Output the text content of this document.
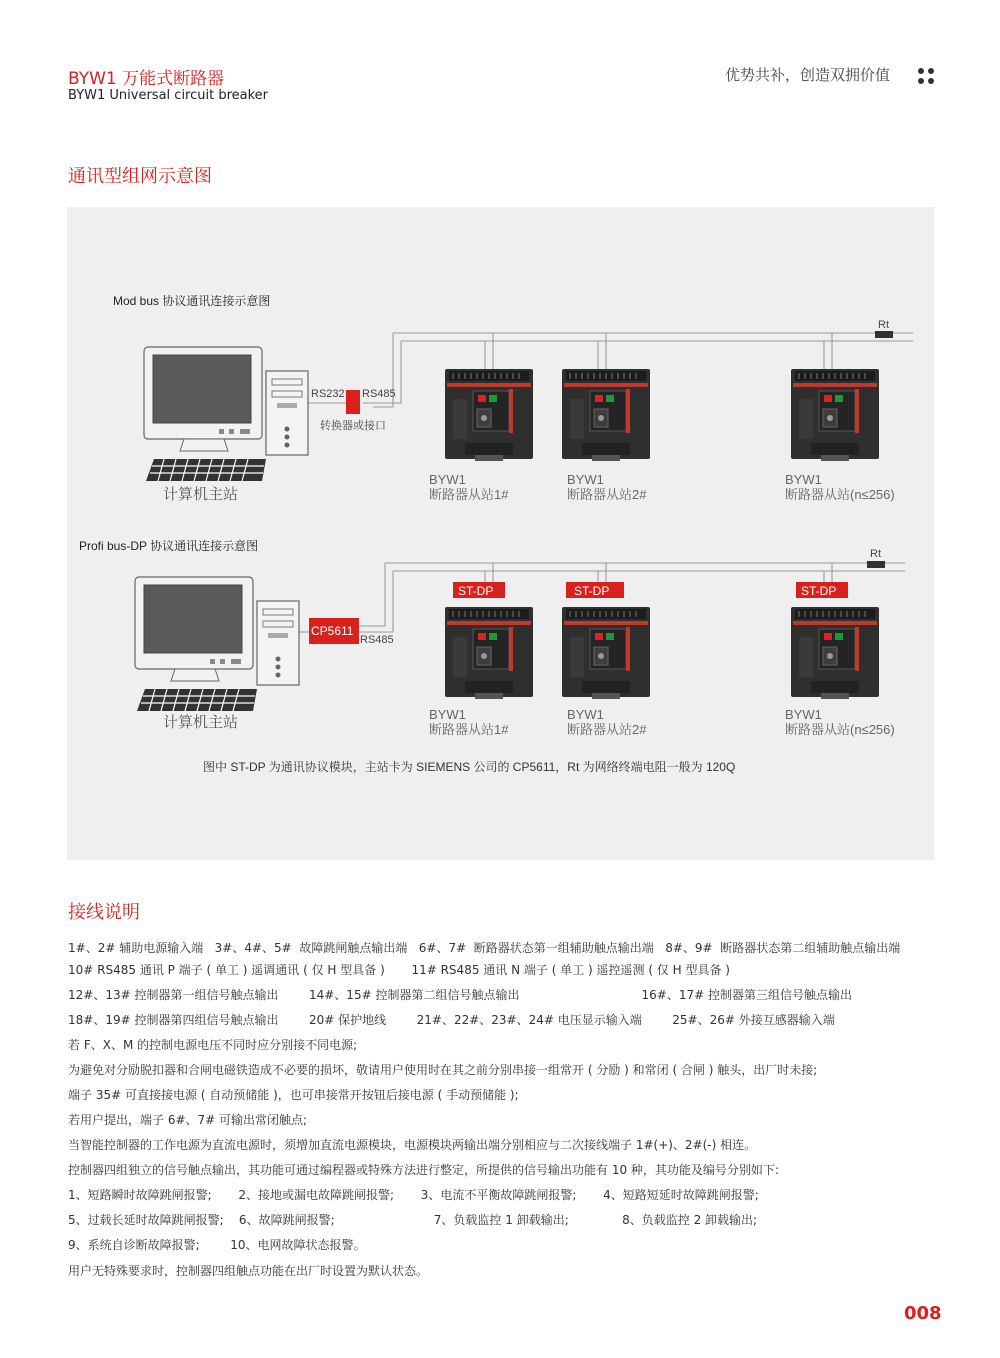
BYW1 万能式断路器
BYW1 Universal circuit breaker
优势共补，创造双拥价值
通讯型组网示意图
Mod bus 协议通讯连接示意图
Rt
RS232 RS485
转换器或接口
计算机主站
BYW1
断路器从站1#
BYW1
断路器从站2#
BYW1
断路器从站(n≤256)
Profi bus-DP 协议通讯连接示意图
Rt
CP5611
RS485
计算机主站
ST-DP	ST-DP	ST-DP
BYW1
断路器从站1#
BYW1
断路器从站2#
BYW1
断路器从站(n≤256)
图中 ST-DP 为通讯协议模块，主站卡为 SIEMENS 公司的 CP5611，Rt 为网络终端电阻一般为 120Q
接线说明
1#、2# 辅助电源输入端   3#、4#、5#  故障跳闸触点输出端   6#、7#  断路器状态第一组辅助触点输出端   8#、9#  断路器状态第二组辅助触点输出端
10# RS485 通讯 P 端子 ( 单工 ) 遥调通讯 ( 仅 H 型具备 )       11# RS485 通讯 N 端子 ( 单工 ) 遥控遥测 ( 仅 H 型具备 )
12#、13# 控制器第一组信号触点输出        14#、15# 控制器第二组信号触点输出                                16#、17# 控制器第三组信号触点输出
18#、19# 控制器第四组信号触点输出        20# 保护地线        21#、22#、23#、24# 电压显示输入端        25#、26# 外接互感器输入端
若 F、X、M 的控制电源电压不同时应分别接不同电源;
为避免对分励脱扣器和合闸电磁铁造成不必要的损坏，敬请用户使用时在其之前分别串接一组常开 ( 分励 ) 和常闭 ( 合闸 ) 触头，出厂时未接;
端子 35# 可直接接电源 ( 自动预储能 )，也可串接常开按钮后接电源 ( 手动预储能 );
若用户提出，端子 6#、7# 可输出常闭触点;
当智能控制器的工作电源为直流电源时，须增加直流电源模块，电源模块两输出端分别相应与二次接线端子 1#(+)、2#(-) 相连。
控制器四组独立的信号触点输出，其功能可通过编程器或特殊方法进行整定，所提供的信号输出功能有 10 种，其功能及编号分别如下:
1、短路瞬时故障跳闸报警;       2、接地或漏电故障跳闸报警;       3、电流不平衡故障跳闸报警;       4、短路短延时故障跳闸报警;
5、过载长延时故障跳闸报警;    6、故障跳闸报警;                          7、负载监控 1 卸载输出;              8、负载监控 2 卸载输出;
9、系统自诊断故障报警;        10、电网故障状态报警。
用户无特殊要求时，控制器四组触点功能在出厂时设置为默认状态。
008
